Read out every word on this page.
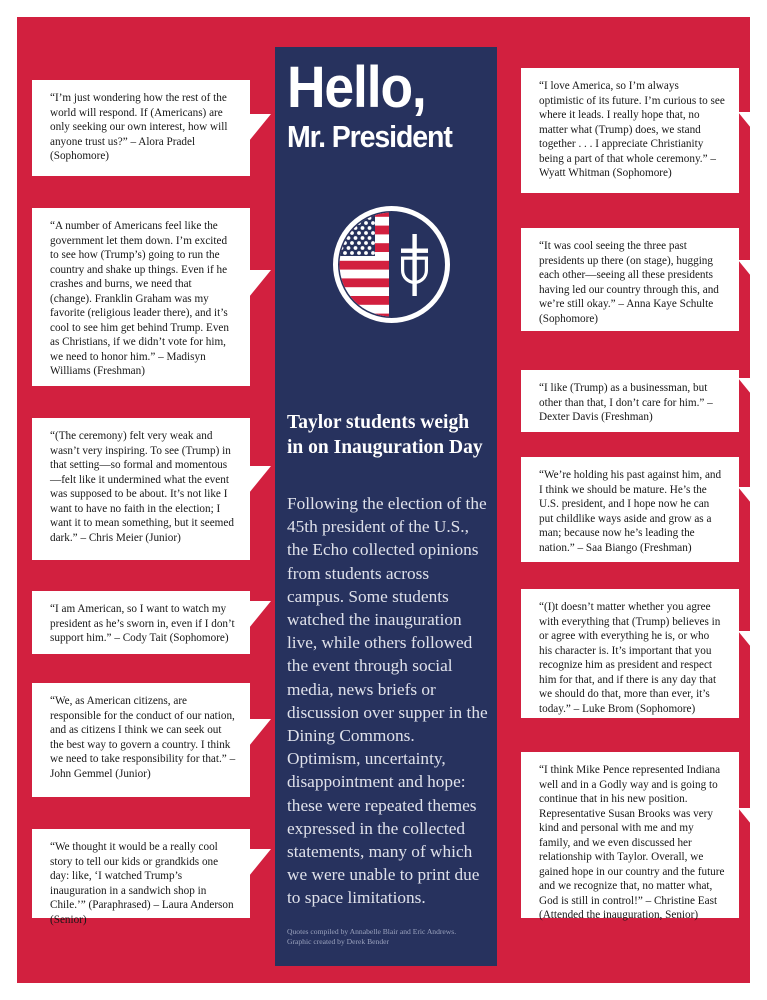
Hello,
Mr. President
Taylor students weigh in on Inauguration Day
Following the election of the 45th president of the U.S., the Echo collected opinions from students across campus. Some students watched the inauguration live, while others followed the event through social media, news briefs or discussion over supper in the Dining Commons. Optimism, uncertainty, disappointment and hope: these were repeated themes expressed in the collected statements, many of which we were unable to print due to space limitations.
Quotes compiled by Annabelle Blair and Eric Andrews.
Graphic created by Derek Bender
“I’m just wondering how the rest of the world will respond. If (Americans) are only seeking our own interest, how will anyone trust us?” – Alora Pradel (Sophomore)
“A number of Americans feel like the government let them down. I’m excited to see how (Trump’s) going to run the country and shake up things. Even if he crashes and burns, we need that (change). Franklin Graham was my favorite (religious leader there), and it’s cool to see him get behind Trump. Even as Christians, if we didn’t vote for him, we need to honor him.” – Madisyn Williams (Freshman)
“(The ceremony) felt very weak and wasn’t very inspiring. To see (Trump) in that setting—so formal and momentous—felt like it undermined what the event was supposed to be about. It’s not like I want to have no faith in the election; I want it to mean something, but it seemed dark.” – Chris Meier (Junior)
“I am American, so I want to watch my president as he’s sworn in, even if I don’t support him.” – Cody Tait (Sophomore)
“We, as American citizens, are responsible for the conduct of our nation, and as citizens I think we can seek out the best way to govern a country. I think we need to take responsibility for that.” – John Gemmel (Junior)
“We thought it would be a really cool story to tell our kids or grandkids one day: like, ‘I watched Trump’s inauguration in a sandwich shop in Chile.’” (Paraphrased) – Laura Anderson (Senior)
“I love America, so I’m always optimistic of its future. I’m curious to see where it leads. I really hope that, no matter what (Trump) does, we stand together . . . I appreciate Christianity being a part of that whole ceremony.” – Wyatt Whitman (Sophomore)
“It was cool seeing the three past presidents up there (on stage), hugging each other—seeing all these presidents having led our country through this, and we’re still okay.” – Anna Kaye Schulte (Sophomore)
“I like (Trump) as a businessman, but other than that, I don’t care for him.” – Dexter Davis (Freshman)
“We’re holding his past against him, and I think we should be mature. He’s the U.S. president, and I hope now he can put childlike ways aside and grow as a man; because now he’s leading the nation.” – Saa Biango (Freshman)
“(I)t doesn’t matter whether you agree with everything that (Trump) believes in or agree with everything he is, or who his character is. It’s important that you recognize him as president and respect him for that, and if there is any day that we should do that, more than ever, it’s today.” – Luke Brom (Sophomore)
“I think Mike Pence represented Indiana well and in a Godly way and is going to continue that in his new position. Representative Susan Brooks was very kind and personal with me and my family, and we even discussed her relationship with Taylor. Overall, we gained hope in our country and the future and we recognize that, no matter what, God is still in control!” – Christine East (Attended the inauguration, Senior)
